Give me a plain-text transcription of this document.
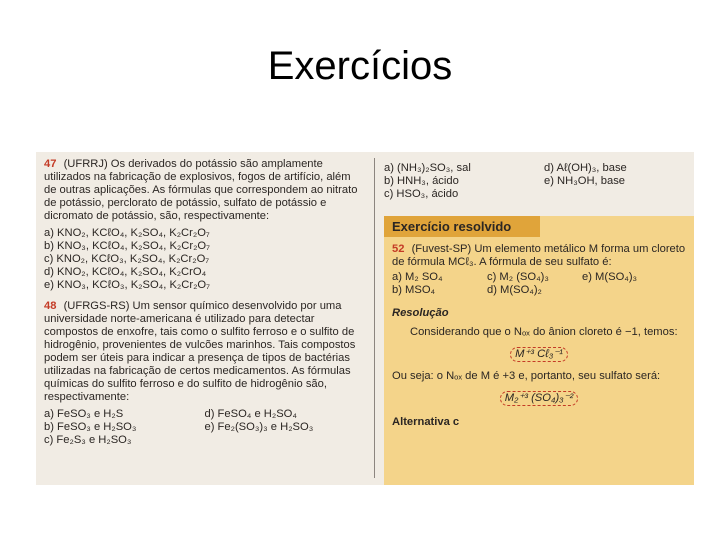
Exercícios
47 (UFRRJ) Os derivados do potássio são amplamente utilizados na fabricação de explosivos, fogos de artifício, além de outras aplicações. As fórmulas que correspondem ao nitrato de potássio, perclorato de potássio, sulfato de potássio e dicromato de potássio, são, respectivamente:
a) KNO₂, KCℓO₄, K₂SO₄, K₂Cr₂O₇
b) KNO₃, KCℓO₄, K₂SO₄, K₂Cr₂O₇
c) KNO₂, KCℓO₃, K₂SO₄, K₂Cr₂O₇
d) KNO₂, KCℓO₄, K₂SO₄, K₂CrO₄
e) KNO₃, KCℓO₃, K₂SO₄, K₂Cr₂O₇
48 (UFRGS-RS) Um sensor químico desenvolvido por uma universidade norte-americana é utilizado para detectar compostos de enxofre, tais como o sulfito ferroso e o sulfito de hidrogênio, provenientes de vulcões marinhos. Tais compostos podem ser úteis para indicar a presença de tipos de bactérias utilizadas na fabricação de certos medicamentos. As fórmulas químicas do sulfito ferroso e do sulfito de hidrogênio são, respectivamente:
a) FeSO₃ e H₂S
b) FeSO₃ e H₂SO₃
c) Fe₂S₃ e H₂SO₃
d) FeSO₄ e H₂SO₄
e) Fe₂(SO₃)₃ e H₂SO₃
a) (NH₃)₂SO₃, sal	d) Aℓ(OH)₃, base
b) HNH₃, ácido	e) NH₃OH, base
c) HSO₃, ácido
Exercício resolvido
52 (Fuvest-SP) Um elemento metálico M forma um cloreto de fórmula MCℓ₃. A fórmula de seu sulfato é:
a) M₂ SO₄	c) M₂ (SO₄)₃	e) M(SO₄)₃
b) MSO₄	d) M(SO₄)₂
Resolução
Considerando que o Nₒₓ do ânion cloreto é −1, temos:
M⁺³ Cℓ₃⁻¹
Ou seja: o Nₒₓ de M é +3 e, portanto, seu sulfato será:
M₂⁺³ (SO₄)₃⁻²
Alternativa c
